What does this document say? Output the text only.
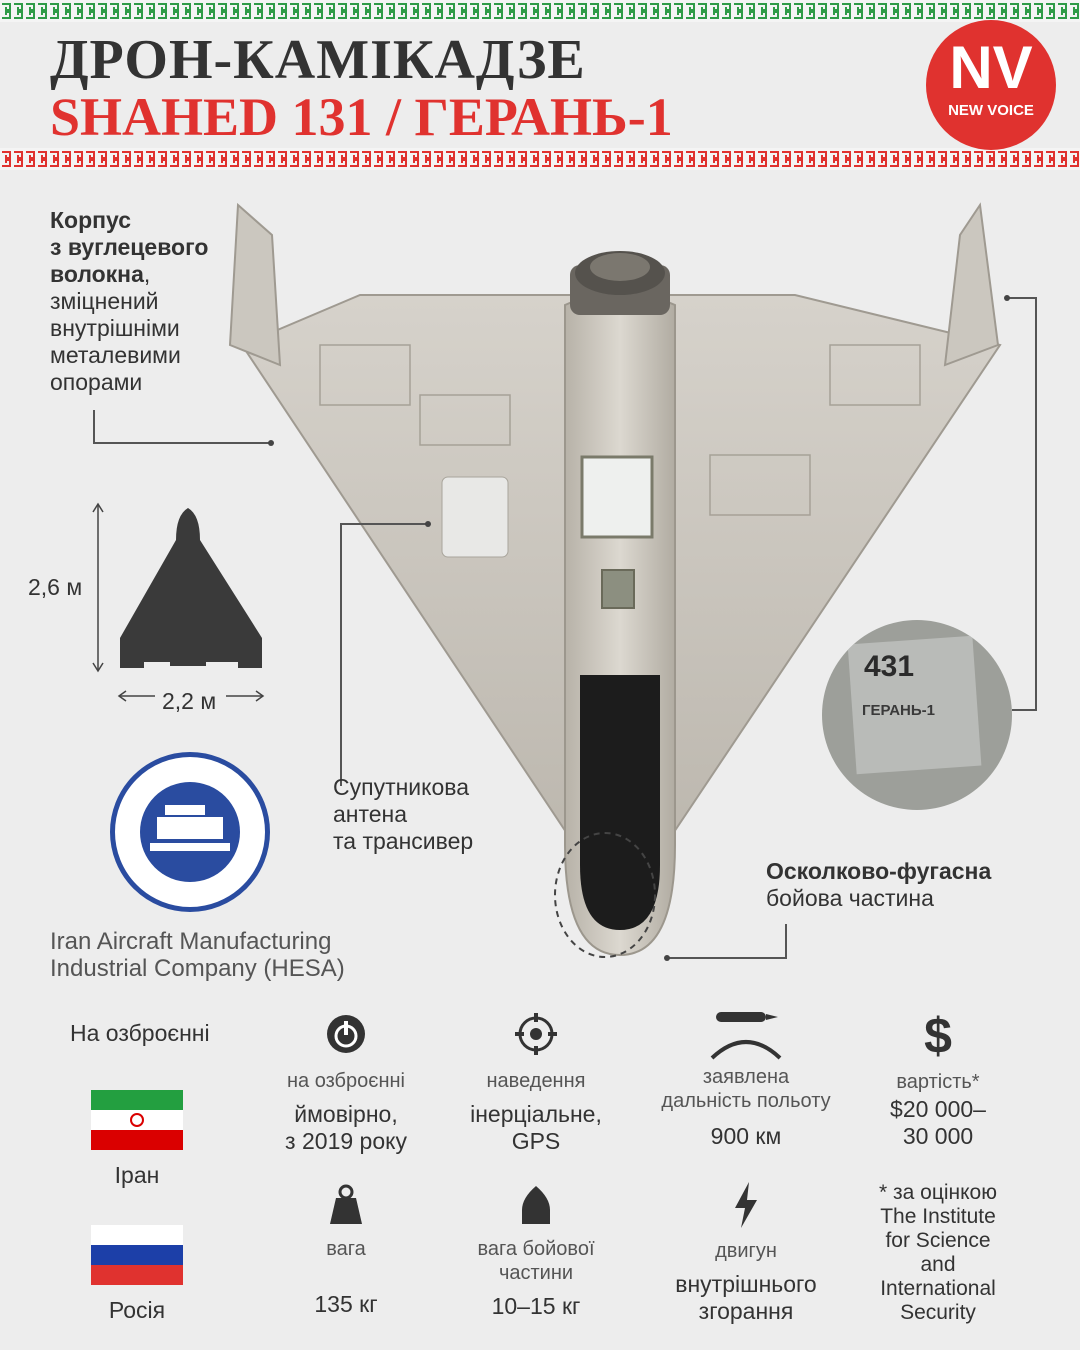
ДРОН-КАМІКАДЗЕ
SHAHED 131 / ГЕРАНЬ-1
NV
NEW VOICE
Корпус
з вуглецевого
волокна,
зміцнений
внутрішніми
металевими
опорами
2,6 м
2,2 м
Iran Aircraft Manufacturing
Industrial Company (HESA)
Супутникова
антена
та трансивер
431
ГЕРАНЬ-1
Осколково-фугасна
бойова частина
На озброєнні
Іран
Росія
на озброєнні
ймовірно,
з 2019 року
наведення
інерціальне,
GPS
заявлена
дальність польоту
900 км
$
вартість*
$20 000–
30 000
вага
135 кг
вага бойової
частини
10–15 кг
двигун
внутрішнього
згорання
* за оцінкою
The Institute
for Science
and
International
Security
